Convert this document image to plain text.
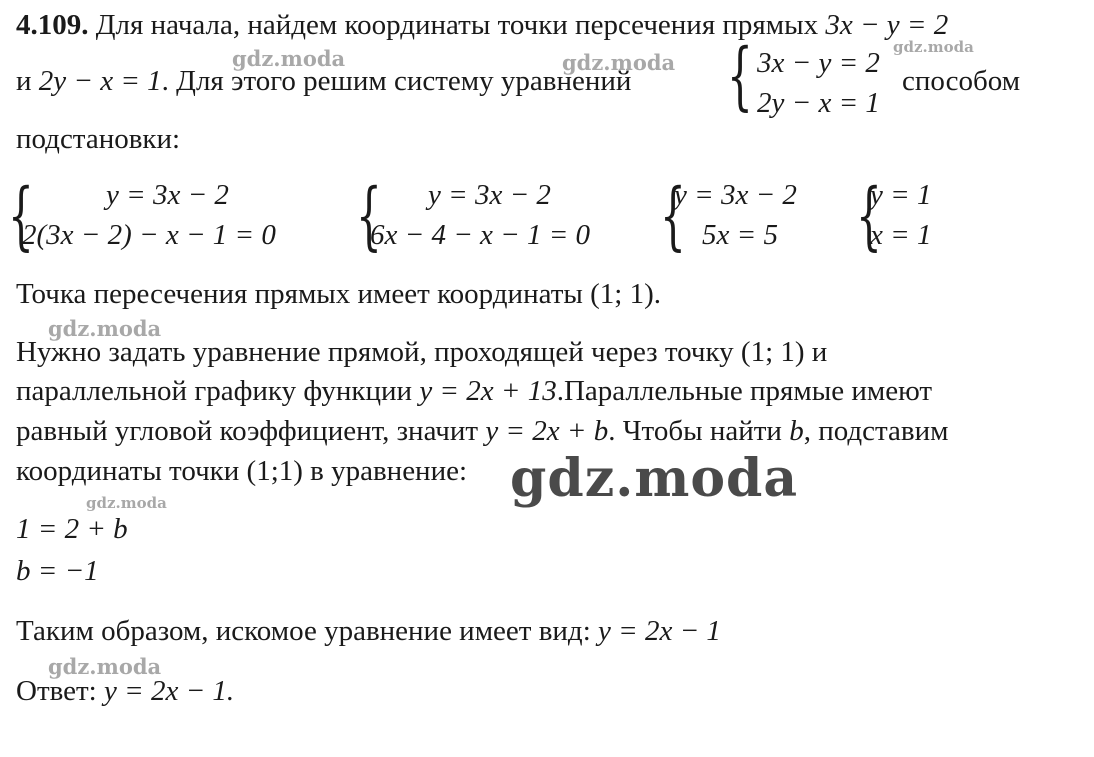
4.109. Для начала, найдем координаты точки персечения прямых 3x − y = 2
и 2y − x = 1. Для этого решим систему уравнений { 3x − y = 2
2y − x = 1
способом
подстановки:
{ y = 3x − 2
2(3x − 2) − x − 1 = 0 { y = 3x − 2
6x − 4 − x − 1 = 0 {
y = 3x − 2
5x = 5 {
y = 1
x = 1
Точка пересечения прямых имеет координаты (1; 1).
Нужно задать уравнение прямой, проходящей через точку (1; 1) и
параллельной графику функции y = 2x + 13.Параллельные прямые имеют
равный угловой коэффициент, значит y = 2x + b. Чтобы найти b, подставим
координаты точки (1;1) в уравнение:
1 = 2 + b
b = −1
Таким образом, искомое уравнение имеет вид: y = 2x − 1
Ответ: y = 2x − 1.
gdz.moda	gdz.moda
gdz.moda
gdz.moda
gdz.moda
gdz.moda
gdz.moda
